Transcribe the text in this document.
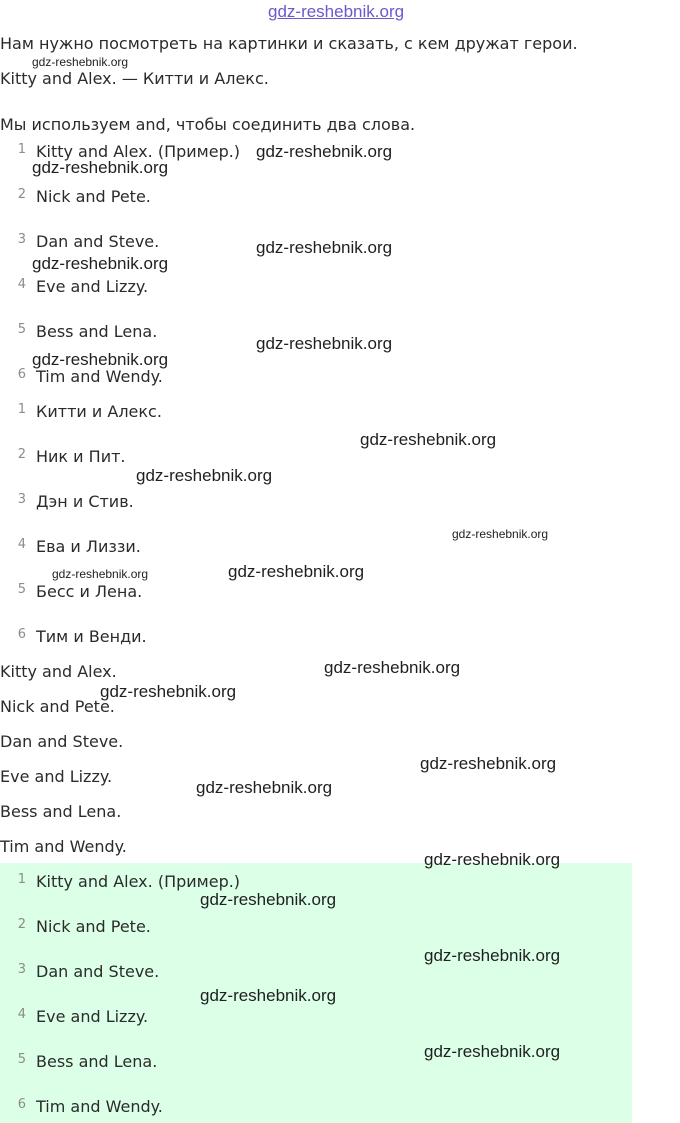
gdz-reshebnik.org
Нам нужно посмотреть на картинки и сказать, с кем дружат герои.
Kitty and Alex. — Китти и Алекс.
Мы используем and, чтобы соединить два слова.
1 Kitty and Alex. (Пример.)
2 Nick and Pete.
3 Dan and Steve.
4 Eve and Lizzy.
5 Bess and Lena.
6 Tim and Wendy.
1 Китти и Алекс.
2 Ник и Пит.
3 Дэн и Стив.
4 Ева и Лиззи.
5 Бесс и Лена.
6 Тим и Венди.
Kitty and Alex.
Nick and Pete.
Dan and Steve.
Eve and Lizzy.
Bess and Lena.
Tim and Wendy.
1 Kitty and Alex. (Пример.)
2 Nick and Pete.
3 Dan and Steve.
4 Eve and Lizzy.
5 Bess and Lena.
6 Tim and Wendy.
gdz-reshebnik.org
gdz-reshebnik.org
gdz-reshebnik.org
gdz-reshebnik.org
gdz-reshebnik.org
gdz-reshebnik.org
gdz-reshebnik.org
gdz-reshebnik.org
gdz-reshebnik.org
gdz-reshebnik.org
gdz-reshebnik.org	gdz-reshebnik.org
gdz-reshebnik.org
gdz-reshebnik.org
gdz-reshebnik.org
gdz-reshebnik.org
gdz-reshebnik.org
gdz-reshebnik.org
gdz-reshebnik.org
gdz-reshebnik.org
gdz-reshebnik.org
